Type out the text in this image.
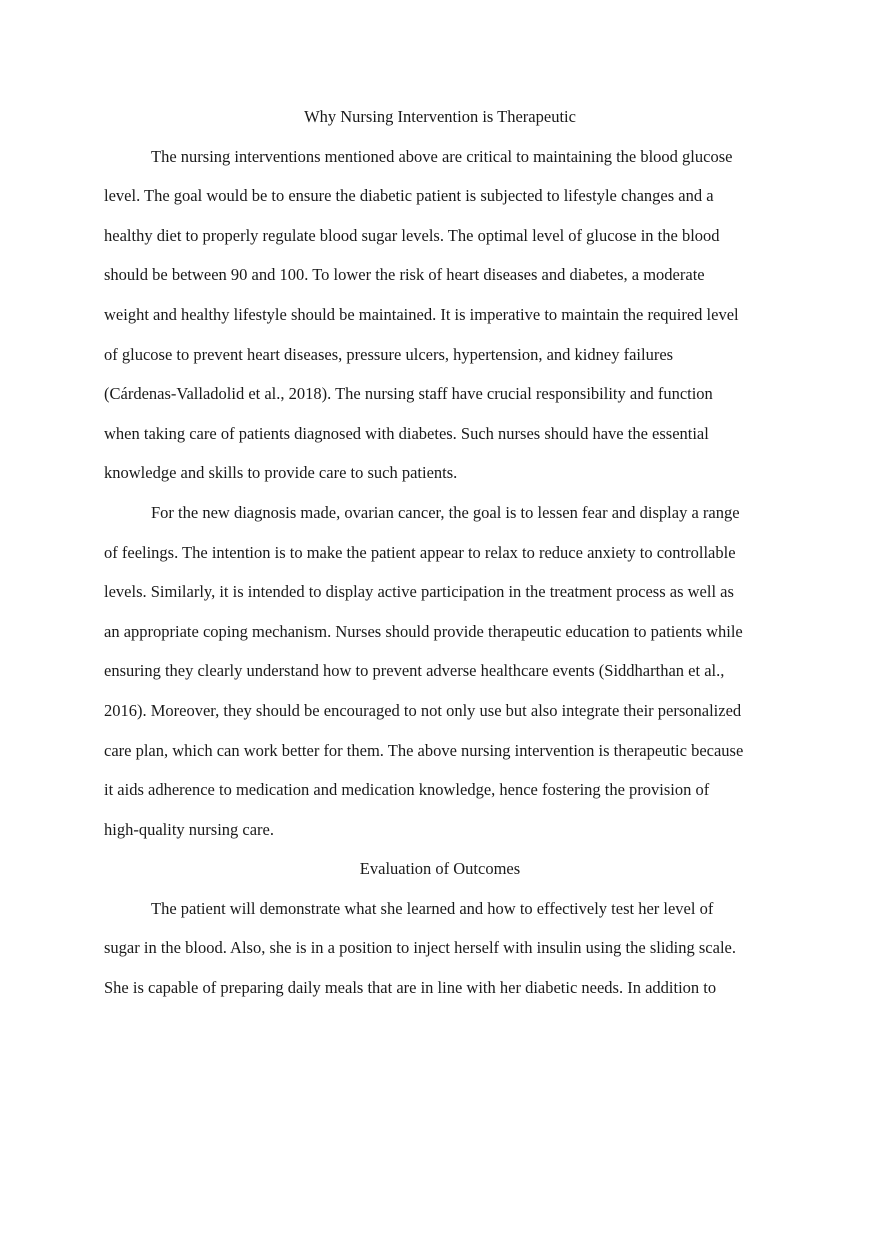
Why Nursing Intervention is Therapeutic
The nursing interventions mentioned above are critical to maintaining the blood glucose
level. The goal would be to ensure the diabetic patient is subjected to lifestyle changes and a
healthy diet to properly regulate blood sugar levels. The optimal level of glucose in the blood
should be between 90 and 100. To lower the risk of heart diseases and diabetes, a moderate
weight and healthy lifestyle should be maintained. It is imperative to maintain the required level
of glucose to prevent heart diseases, pressure ulcers, hypertension, and kidney failures
(Cárdenas-Valladolid et al., 2018). The nursing staff have crucial responsibility and function
when taking care of patients diagnosed with diabetes. Such nurses should have the essential
knowledge and skills to provide care to such patients.
For the new diagnosis made, ovarian cancer, the goal is to lessen fear and display a range
of feelings. The intention is to make the patient appear to relax to reduce anxiety to controllable
levels. Similarly, it is intended to display active participation in the treatment process as well as
an appropriate coping mechanism. Nurses should provide therapeutic education to patients while
ensuring they clearly understand how to prevent adverse healthcare events (Siddharthan et al.,
2016). Moreover, they should be encouraged to not only use but also integrate their personalized
care plan, which can work better for them. The above nursing intervention is therapeutic because
it aids adherence to medication and medication knowledge, hence fostering the provision of
high-quality nursing care.
Evaluation of Outcomes
The patient will demonstrate what she learned and how to effectively test her level of
sugar in the blood. Also, she is in a position to inject herself with insulin using the sliding scale.
She is capable of preparing daily meals that are in line with her diabetic needs. In addition to
